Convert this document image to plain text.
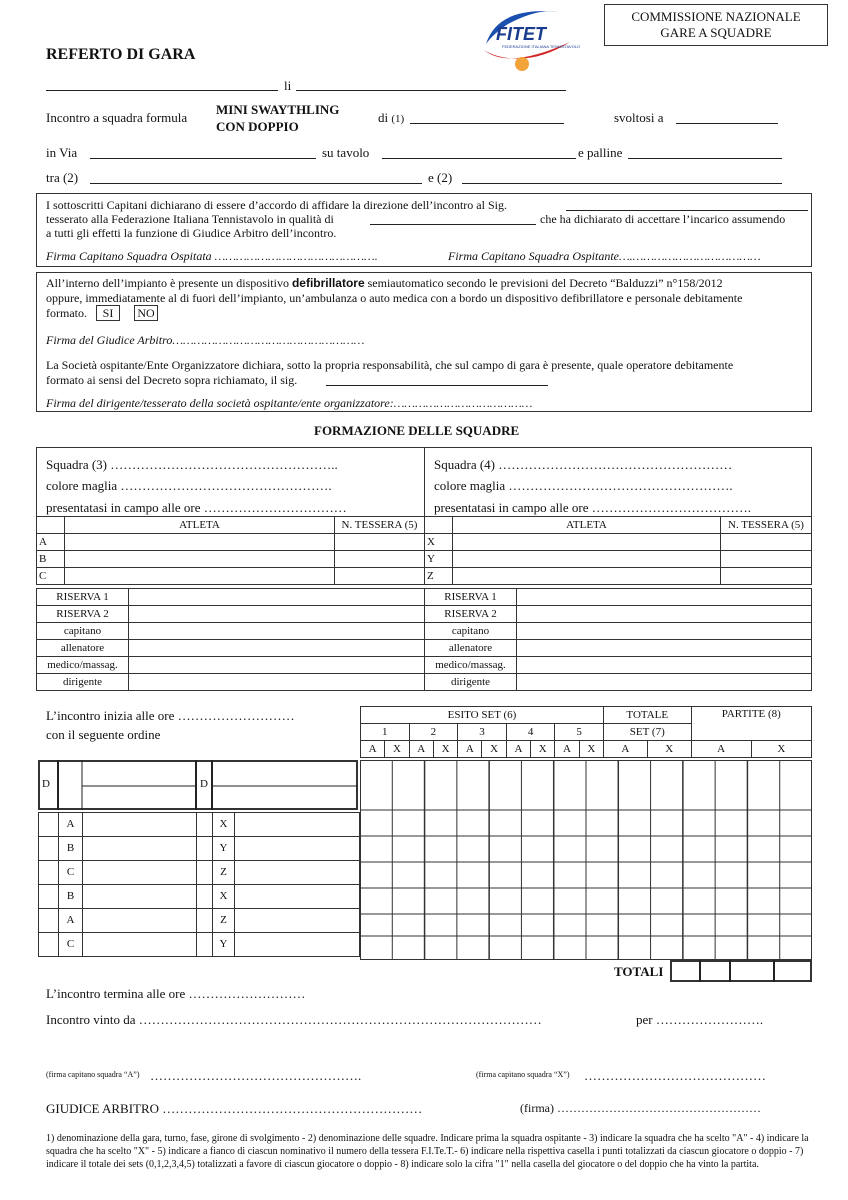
FITET
FEDERAZIONE ITALIANA TENNISTAVOLO
COMMISSIONE NAZIONALE
GARE A SQUADRE
REFERTO DI GARA
li
Incontro a squadra formula
MINI SWAYTHLING
CON DOPPIO
di (1)	svoltosi a
in Via	su tavolo	e palline
tra (2)	e (2)
I sottoscritti Capitani dichiarano di essere d’accordo di affidare la direzione dell’incontro al Sig.
tesserato alla Federazione Italiana Tennistavolo in qualità di	che ha dichiarato di accettare l’incarico assumendo
a tutti gli effetti la funzione di Giudice Arbitro dell’incontro.
Firma Capitano Squadra Ospitata ……………………………………….	Firma Capitano Squadra Ospitante….………………………………
All’interno dell’impianto è presente un dispositivo defibrillatore semiautomatico secondo le previsioni del Decreto “Balduzzi” n°158/2012
oppure, immediatamente al di fuori dell’impianto, un’ambulanza o auto medica con a bordo un dispositivo defibrillatore e personale debitamente
formato.	SI	NO
Firma del Giudice Arbitro………………………………………………
La Società ospitante/Ente Organizzatore dichiara, sotto la propria responsabilità, che sul campo di gara è presente, quale operatore debitamente
formato ai sensi del Decreto sopra richiamato, il sig.
Firma del dirigente/tesserato della società ospitante/ente organizzatore:…………………………………
FORMAZIONE DELLE SQUADRE
Squadra (3) ……………………………………………..
colore maglia ………………………………………….
presentatasi in campo alle ore ……………………………
Squadra (4) ………………………………………………
colore maglia …………………………………………….
presentatasi in campo alle ore ……………………………….
	ATLETA	N. TESSERA (5)
A		
B		
C		
	ATLETA	N. TESSERA (5)
X		
Y		
Z		
RISERVA 1	
RISERVA 2	
capitano	
allenatore	
medico/massag.	
dirigente	
RISERVA 1	
RISERVA 2	
capitano	
allenatore	
medico/massag.	
dirigente	
L’incontro inizia alle ore ………………………
con il seguente ordine
ESITO SET (6)										TOTALE		PARTITE (8)	
1		2		3		4		5		SET (7)			
A	X	A	X	A	X	A	X	A	X	A	X	A	X
D	D
	A			X	
	B			Y	
	C			Z	
	B			X	
	A			Z	
	C			Y	
TOTALI
L’incontro termina alle ore ………………………
Incontro vinto da …………………………………………………………………………………	per …………………….
(firma capitano squadra “A”) ………………………………………….	(firma capitano squadra “X”) ……………………………………
GIUDICE ARBITRO ……………………………………………………	(firma) ……………………………………………
1) denominazione della gara, turno, fase, girone di svolgimento - 2) denominazione delle squadre. Indicare prima la squadra ospitante - 3) indicare la squadra che ha scelto "A" - 4) indicare la squadra che ha scelto "X" - 5) indicare a fianco di ciascun nominativo il numero della tessera F.I.Te.T.- 6) indicare nella rispettiva casella i punti totalizzati da ciascun giocatore o doppio - 7) indicare il totale dei sets (0,1,2,3,4,5) totalizzati a favore di ciascun giocatore o doppio - 8) indicare solo la cifra "1" nella casella del giocatore o del doppio che ha vinto la partita.
